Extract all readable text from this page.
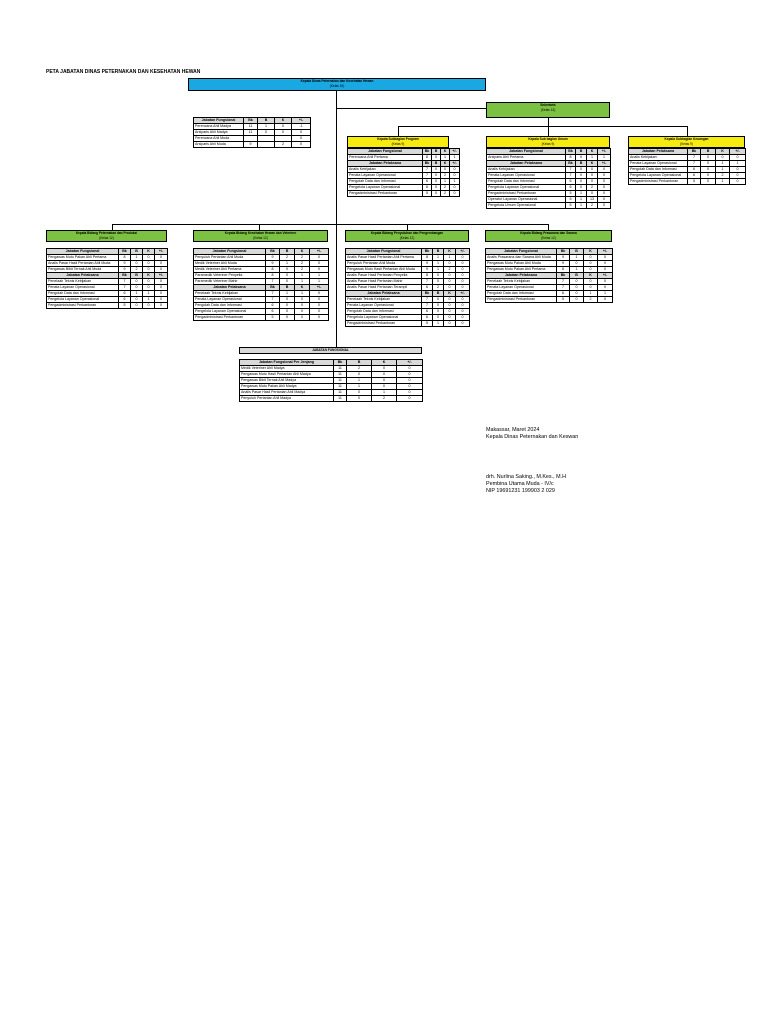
PETA JABATAN DINAS PETERNAKAN DAN KESEHATAN HEWAN
Kepala Dinas Peternakan dan Kesehatan Hewan
(Kelas 15)
Sekretaris
(Kelas 13)
Jabatan Fungsional	Bk	B	K	+/-
Perencana Ahli Madya	11	1	0	-1
Arsiparis Ahli Madya	11	0	0	0
Perencana Ahli Muda				0
Arsiparis Ahli Muda	9		2	0
Kepala Subbagian Program
(Kelas 9)
Kepala Sub bagian Umum
(Kelas 9)
Kepala Subbagian Keuangan
(Kelas 9)
Jabatan Fungsional	Bk	B	K	+/-
Perencana Ahli Pertama	8	0	1	1
Jabatan Pelaksana	Bk	B	K	+/-
Analis Kebijakan	7	0	0	0
Penata Layanan Operasional	7	0	2	0
Pengolah Data dan Informasi	6	0	1	1
Pengelola Layanan Operasional	6	0	2	0
Pengadministrasi Perkantoran	5	0	2	0
Jabatan Fungsional	Bk	B	K	+/-
Arsiparis Ahli Pertama	8	0	1	1
Jabatan Pelaksana	Bk	B	K	+/-
Analis Kebijakan	7	0	0	0
Penata Layanan Operasional	7	0	0	0
Pengolah Data dan Informasi	6	0	0	0
Pengelola Layanan Operasional	6	0	2	0
Pengadministrasi Perkantoran	5	1	0	0
Operator Layanan Operasional	5	1	13	0
Pengelola Umum Operasional	5	1	2	0
Jabatan Pelaksana	Bk	B	K	+/-
Analis Kebijakan	7	0	0	0
Penata Layanan Operasional	7	0	1	1
Pengolah Data dan Informasi	6	0	1	0
Pengelola Layanan Operasional	6	0	2	0
Pengadministrasi Perkantoran	5	0	1	0
Kepala Bidang Peternakan dan Produksi
(Kelas 12)
Kepala Bidang Kesehatan Hewan dan Veteriner
(Kelas 12)
Kepala Bidang Penyuluhan dan Pengembangan
(Kelas 12)
Kepala Bidang Prasarana dan Sarana
(Kelas 12)
Jabatan Fungsional	Bk	B	K	+/-
Pengawas Mutu Pakan Ahli Pertama	8	1	0	0
Analis Pasar Hasil Pertanian Ahli Muda	9	0	0	0
Pengawas Bibit Ternak Ahli Muda	9	2	0	0
Jabatan Pelaksana	Bk	B	K	+/-
Penelaah Teknis Kebijakan	7	0	0	0
Penata Layanan Operasional	7	0	0	0
Pengolah Data dan Informasi	6	1	1	0
Pengelola Layanan Operasional	6	0	1	0
Pengadministrasi Perkantoran	5	0	0	0
Jabatan Fungsional	Bk	B	K	+/-
Penyuluh Pertanian Ahli Muda	9	2	2	0
Medik Veteriner Ahli Muda	9	1	2	0
Medik Veteriner Ahli Pertama	8	0	2	0
Paramedik Veteriner Penyelia	8	0	1	1
Paramedik Veteriner Mahir	7	0	1	1
Jabatan Pelaksana	Bk	B	K	+/-
Penelaah Teknis Kebijakan	7	1	1	0
Penata Layanan Operasional	7	0	0	0
Pengolah Data dan Informasi	6	0	0	0
Pengelola Layanan Operasional	6	0	0	0
Pengadministrasi Perkantoran	5	0	0	0
Jabatan Fungsional	Bk	B	K	+/-
Analis Pasar Hasil Pertanian Ahli Pertama	8	1	1	0
Penyuluh Pertanian Ahli Muda	9	1	0	0
Pengawas Mutu Hasil Pertanian Ahli Muda	9	1	2	0
Analis Pasar Hasil Pertanian Penyelia	8	0	0	0
Analis Pasar Hasil Pertanian Mahir	7	0	0	0
Analis Pasar Hasil Pertanian Terampil	6	2	0	0
Jabatan Pelaksana	Bk	B	K	+/-
Penelaah Teknis Kebijakan	7	0	0	0
Penata Layanan Operasional	7	0	0	0
Pengolah Data dan Informasi	6	0	0	0
Pengelola Layanan Operasional	6	0	0	0
Pengadministrasi Perkantoran	5	1	0	0
Jabatan Fungsional	Bk	B	K	+/-
Analis Prasarana dan Sarana Ahli Muda	9	1	0	0
Pengawas Mutu Pakan Ahli Muda	9	0	0	0
Pengawas Mutu Pakan Ahli Pertama	8	1	0	0
Jabatan Pelaksana	Bk	B	K	+/-
Penelaah Teknis Kebijakan	7	0	0	0
Penata Layanan Operasional	7	0	0	0
Pengolah Data dan Informasi	6	0	1	1
Pengadministrasi Perkantoran	5	0	2	0
JABATAN FUNGSIONAL
Jabatan Fungsional Per Jenjang	Bk	B	K	+/-
Medik Veteriner Ahli Madya	11	2	0	0
Pengawas Mutu Hasil Pertanian Ahli Madya	11	0	0	0
Pengawas Bibit Ternak Ahli Madya	11	1	0	0
Pengawas Mutu Pakan Ahli Madya	11	1	0	0
Analis Pasar Hasil Pertanian Ahli Madya	11	0	1	0
Penyuluh Pertanian Ahli Madya	11	0	2	0
Makassar, Maret 2024
Kepala Dinas Peternakan dan Keswan
drh. Nurlina Saking., M.Kes., M.H
Pembina Utama Muda - IV/c
NIP 19691231 199903 2 029
